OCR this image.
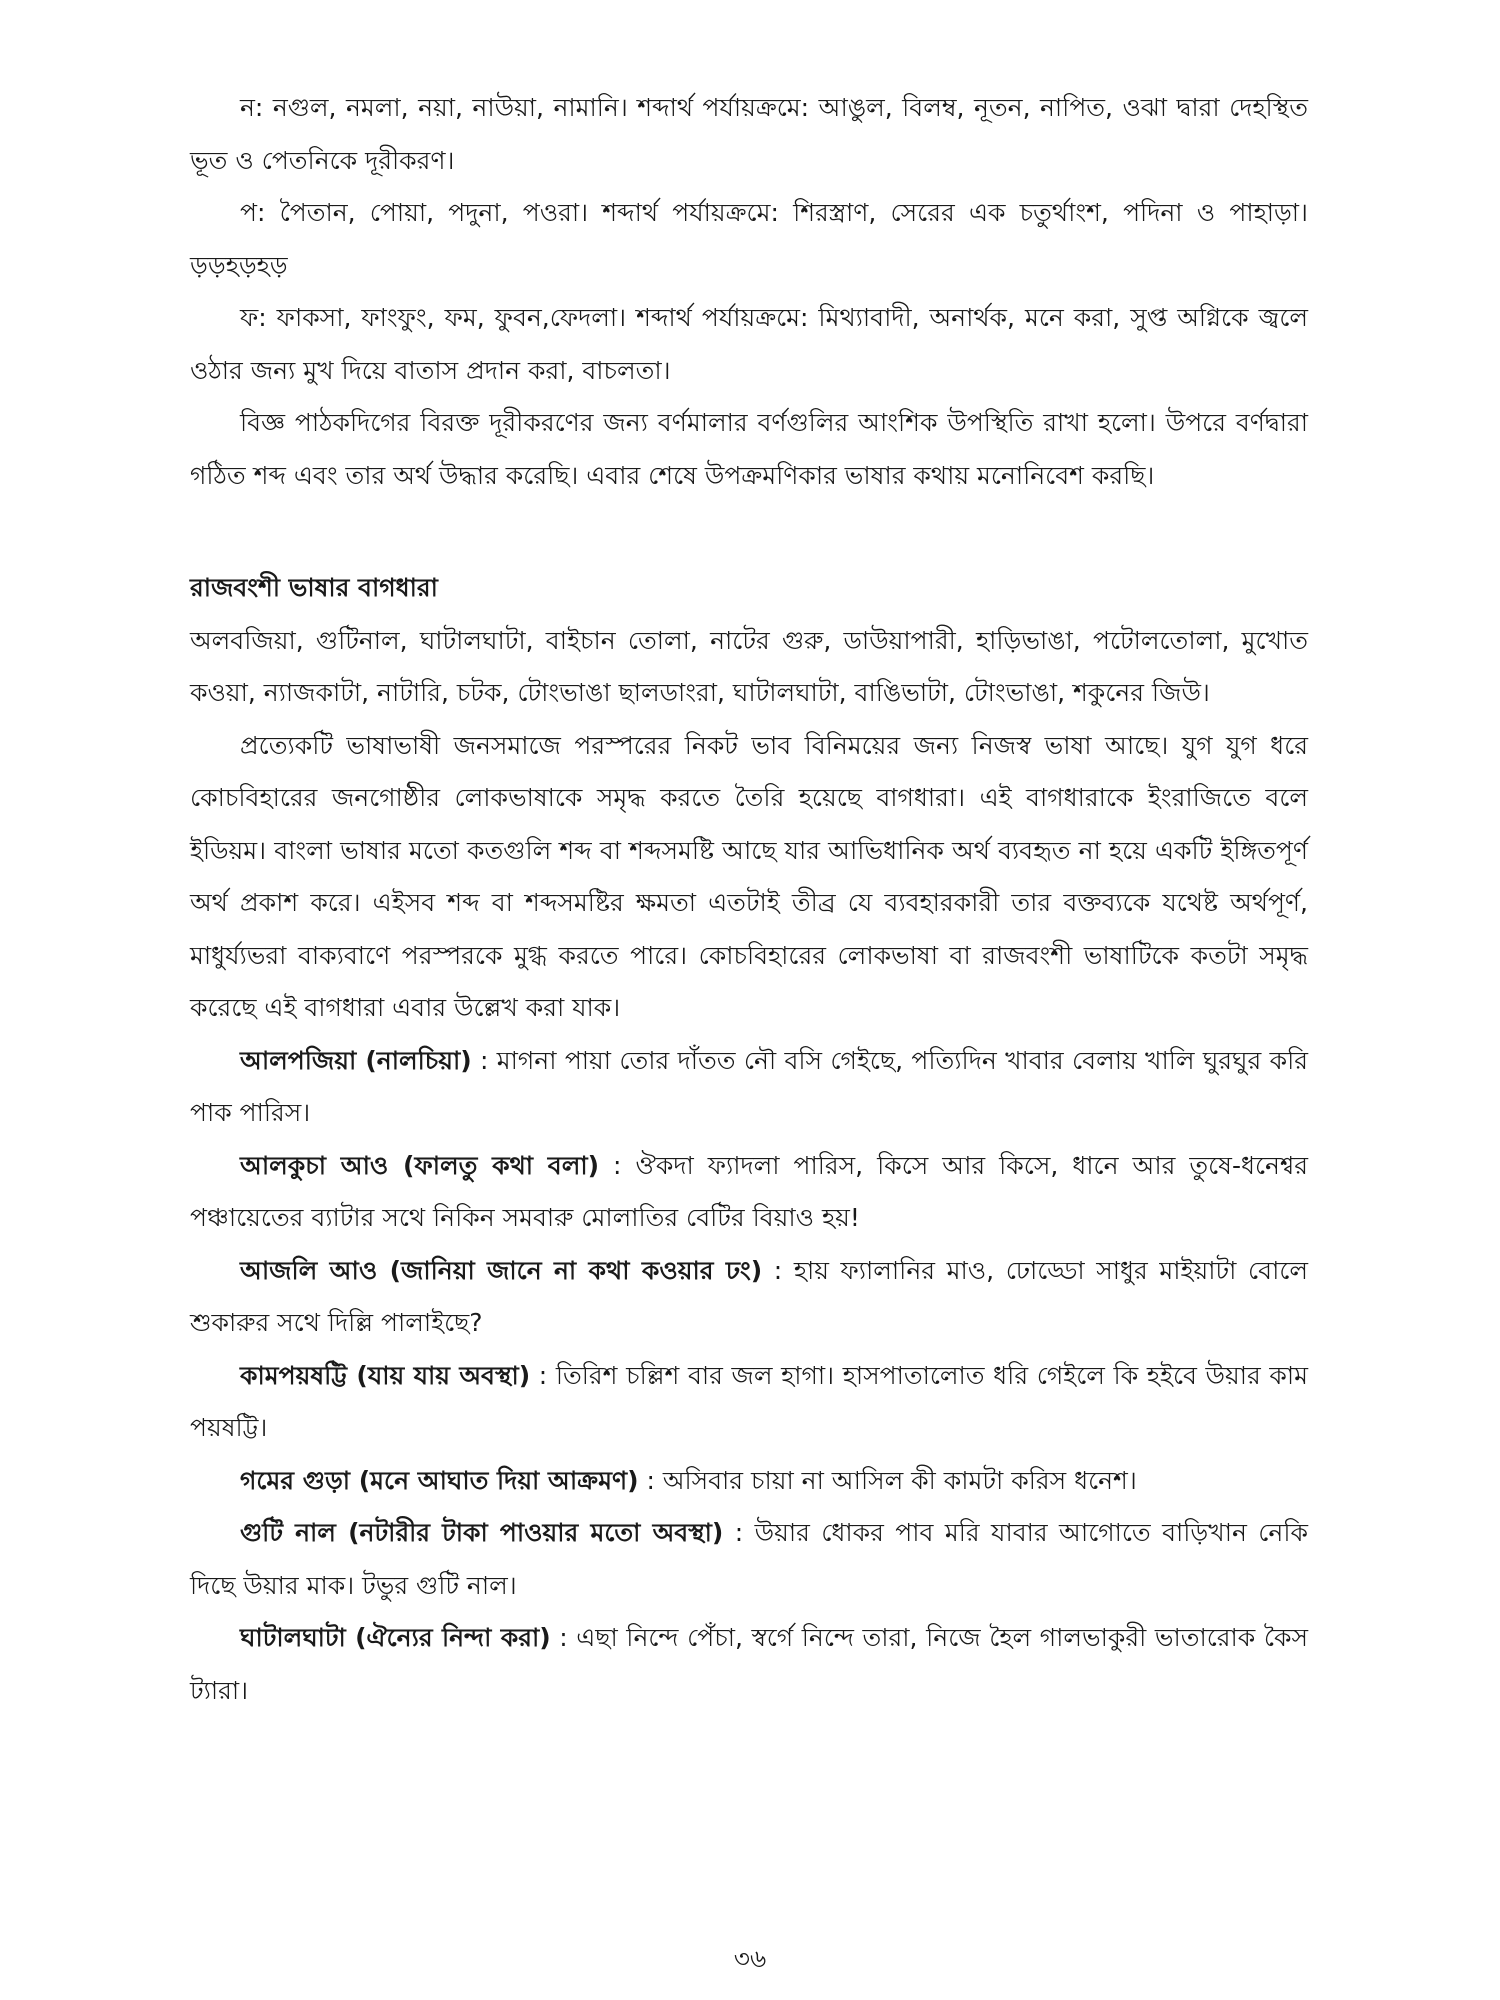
ন: নগুল, নমলা, নয়া, নাউয়া, নামানি। শব্দার্থ পর্যায়ক্রমে: আঙুল, বিলম্ব, নূতন, নাপিত, ওঝা দ্বারা দেহস্থিত ভূত ও পেতনিকে দূরীকরণ।

প: পৈতান, পোয়া, পদুনা, পওরা। শব্দার্থ পর্যায়ক্রমে: শিরস্ত্রাণ, সেরের এক চতুর্থাংশ, পদিনা ও পাহাড়া। ড়ড়হড়হড়

ফ: ফাকসা, ফাংফুং, ফম, ফুবন,ফেদলা। শব্দার্থ পর্যায়ক্রমে: মিথ্যাবাদী, অনার্থক, মনে করা, সুপ্ত অগ্নিকে জ্বলে ওঠার জন্য মুখ দিয়ে বাতাস প্রদান করা, বাচলতা।

বিজ্ঞ পাঠকদিগের বিরক্ত দূরীকরণের জন্য বর্ণমালার বর্ণগুলির আংশিক উপস্থিতি রাখা হলো। উপরে বর্ণদ্বারা গঠিত শব্দ এবং তার অর্থ উদ্ধার করেছি। এবার শেষে উপক্রমণিকার ভাষার কথায় মনোনিবেশ করছি।

রাজবংশী ভাষার বাগধারা

অলবজিয়া, গুটিনাল, ঘাটালঘাটা, বাইচান তোলা, নাটের গুরু, ডাউয়াপারী, হাড়িভাঙা, পটোলতোলা, মুখোত কওয়া, ন্যাজকাটা, নাটারি, চটক, টোংভাঙা ছালডাংরা, ঘাটালঘাটা, বাঙিভাটা, টোংভাঙা, শকুনের জিউ।

প্রত্যেকটি ভাষাভাষী জনসমাজে পরস্পরের নিকট ভাব বিনিময়ের জন্য নিজস্ব ভাষা আছে। যুগ যুগ ধরে কোচবিহারের জনগোষ্ঠীর লোকভাষাকে সমৃদ্ধ করতে তৈরি হয়েছে বাগধারা। এই বাগধারাকে ইংরাজিতে বলে ইডিয়ম। বাংলা ভাষার মতো কতগুলি শব্দ বা শব্দসমষ্টি আছে যার আভিধানিক অর্থ ব্যবহৃত না হয়ে একটি ইঙ্গিতপূর্ণ অর্থ প্রকাশ করে। এইসব শব্দ বা শব্দসমষ্টির ক্ষমতা এতটাই তীব্র যে ব্যবহারকারী তার বক্তব্যকে যথেষ্ট অর্থপূর্ণ, মাধুর্য্যভরা বাক্যবাণে পরস্পরকে মুগ্ধ করতে পারে। কোচবিহারের লোকভাষা বা রাজবংশী ভাষাটিকে কতটা সমৃদ্ধ করেছে এই বাগধারা এবার উল্লেখ করা যাক।

আলপজিয়া (নালচিয়া) : মাগনা পায়া তোর দাঁতত নৌ বসি গেইছে, পত্যিদিন খাবার বেলায় খালি ঘুরঘুর করি পাক পারিস।

আলকুচা আও (ফালতু কথা বলা) : ঔকদা ফ্যাদলা পারিস, কিসে আর কিসে, ধানে আর তুষে-ধনেশ্বর পঞ্চায়েতের ব্যাটার সথে নিকিন সমবারু মোলাতির বেটির বিয়াও হয়!

আজলি আও (জানিয়া জানে না কথা কওয়ার ঢং) : হায় ফ্যালানির মাও, ঢোড্ডো সাধুর মাইয়াটা বোলে শুকারুর সথে দিল্লি পালাইছে?

কামপয়ষট্টি (যায় যায় অবস্থা) : তিরিশ চল্লিশ বার জল হাগা। হাসপাতালোত ধরি গেইলে কি হইবে উয়ার কাম পয়ষট্টি।

গমের গুড়া (মনে আঘাত দিয়া আক্রমণ) : অসিবার চায়া না আসিল কী কামটা করিস ধনেশ।

গুটি নাল (নটারীর টাকা পাওয়ার মতো অবস্থা) : উয়ার ধোকর পাব মরি যাবার আগোতে বাড়িখান নেকি দিছে উয়ার মাক। টভুর গুটি নাল।

ঘাটালঘাটা (ঐন্যের নিন্দা করা) : এছা নিন্দে পেঁচা, স্বর্গে নিন্দে তারা, নিজে হৈল গালভাকুরী ভাতারোক কৈস ট্যারা।

৩৬
